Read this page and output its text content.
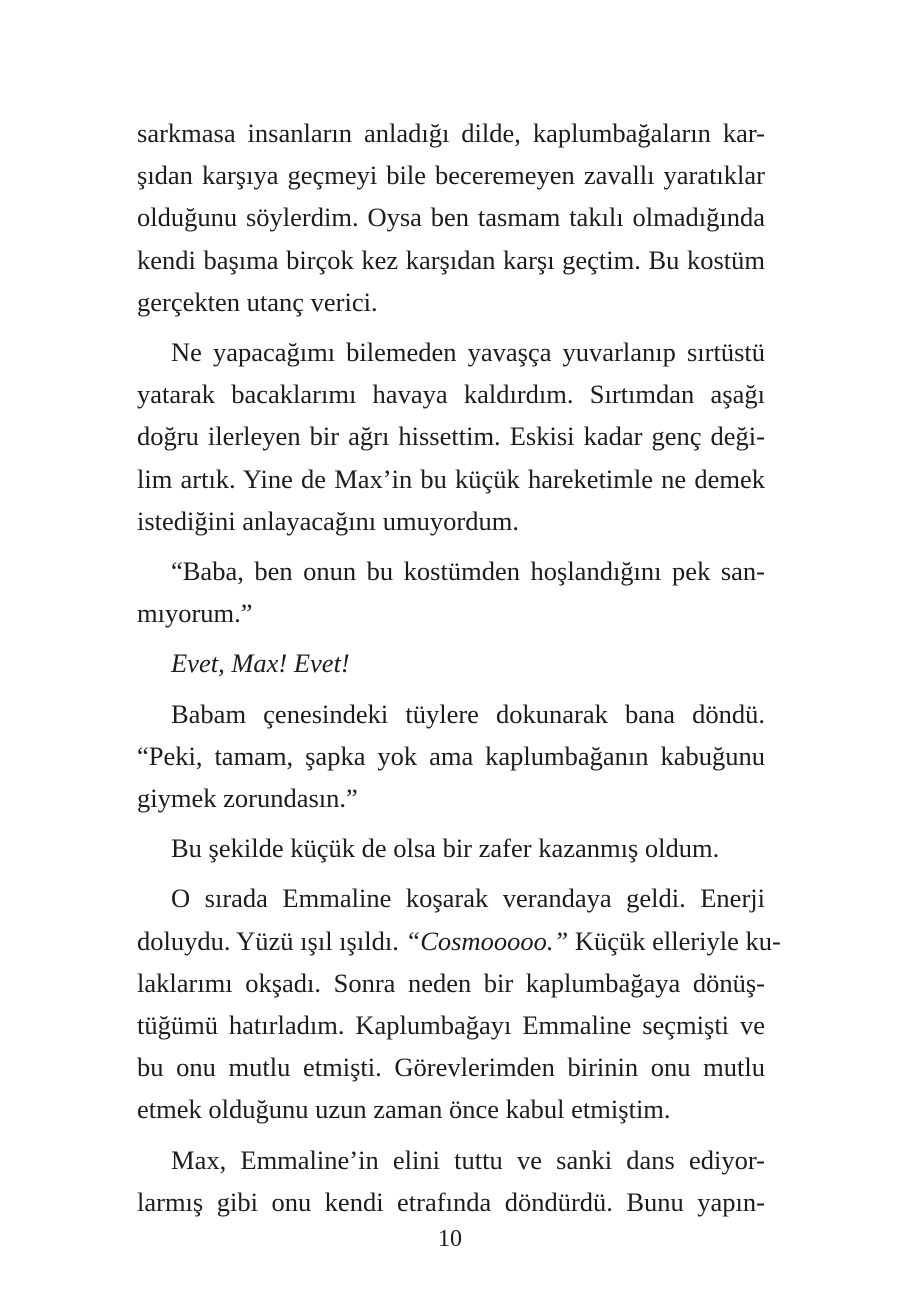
sarkmasa insanların anladığı dilde, kaplumbağaların kar-
şıdan karşıya geçmeyi bile beceremeyen zavallı yaratıklar
olduğunu söylerdim. Oysa ben tasmam takılı olmadığında
kendi başıma birçok kez karşıdan karşı geçtim. Bu kostüm
gerçekten utanç verici.
Ne yapacağımı bilemeden yavaşça yuvarlanıp sırtüstü
yatarak bacaklarımı havaya kaldırdım. Sırtımdan aşağı
doğru ilerleyen bir ağrı hissettim. Eskisi kadar genç deği-
lim artık. Yine de Max’in bu küçük hareketimle ne demek
istediğini anlayacağını umuyordum.
“Baba, ben onun bu kostümden hoşlandığını pek san-
mıyorum.”
Evet, Max! Evet!
Babam çenesindeki tüylere dokunarak bana döndü.
“Peki, tamam, şapka yok ama kaplumbağanın kabuğunu
giymek zorundasın.”
Bu şekilde küçük de olsa bir zafer kazanmış oldum.
O sırada Emmaline koşarak verandaya geldi. Enerji
doluydu. Yüzü ışıl ışıldı. “Cosmooooo.” Küçük elleriyle ku-
laklarımı okşadı. Sonra neden bir kaplumbağaya dönüş-
tüğümü hatırladım. Kaplumbağayı Emmaline seçmişti ve
bu onu mutlu etmişti. Görevlerimden birinin onu mutlu
etmek olduğunu uzun zaman önce kabul etmiştim.
Max, Emmaline’in elini tuttu ve sanki dans ediyor-
larmış gibi onu kendi etrafında döndürdü. Bunu yapın-
10
